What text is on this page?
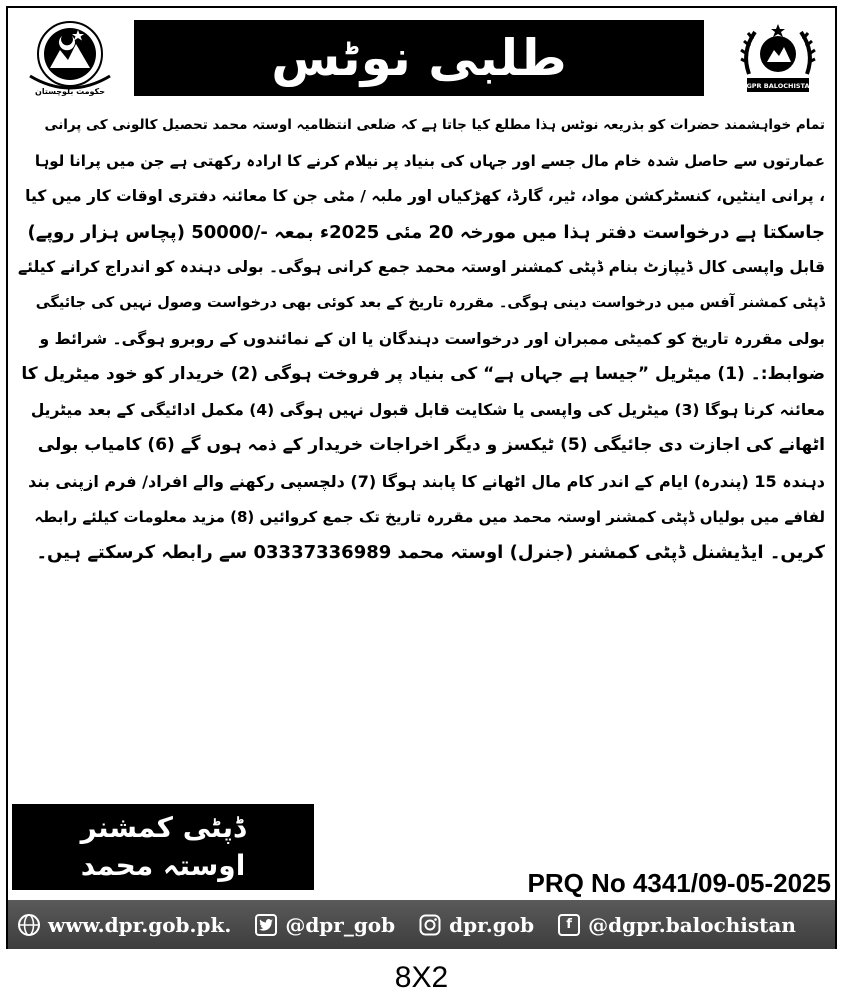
حکومت بلوچستان
طلبی نوٹس	DGPR BALOCHISTAN
تمام خواہشمند حضرات کو بذریعہ نوٹس ہذا مطلع کیا جاتا ہے کہ ضلعی انتظامیہ اوستہ محمد تحصیل کالونی کی پرانی
عمارتوں سے حاصل شدہ خام مال جسے اور جہاں کی بنیاد پر نیلام کرنے کا ارادہ رکھتی ہے جن میں پرانا لوہا
، پرانی اینٹیں، کنسٹرکشن مواد، ٹیر، گارڈ، کھڑکیاں اور ملبہ / مٹی جن کا معائنہ دفتری اوقات کار میں کیا
جاسکتا ہے درخواست دفتر ہذا میں مورخہ 20 مئی 2025ء بمعہ -/50000 (پچاس ہزار روپے)
قابل واپسی کال ڈیپازٹ بنام ڈپٹی کمشنر اوستہ محمد جمع کرانی ہوگی۔ بولی دہندہ کو اندراج کرانے کیلئے
ڈپٹی کمشنر آفس میں درخواست دینی ہوگی۔ مقررہ تاریخ کے بعد کوئی بھی درخواست وصول نہیں کی جائیگی
بولی مقررہ تاریخ کو کمیٹی ممبران اور درخواست دہندگان یا ان کے نمائندوں کے روبرو ہوگی۔ شرائط و
ضوابط:۔ (1) میٹریل ”جیسا ہے جہاں ہے“ کی بنیاد پر فروخت ہوگی (2) خریدار کو خود میٹریل کا
معائنہ کرنا ہوگا (3) میٹریل کی واپسی یا شکایت قابل قبول نہیں ہوگی (4) مکمل ادائیگی کے بعد میٹریل
اٹھانے کی اجازت دی جائیگی (5) ٹیکسز و دیگر اخراجات خریدار کے ذمہ ہوں گے (6) کامیاب بولی
دہندہ 15 (پندرہ) ایام کے اندر کام مال اٹھانے کا پابند ہوگا (7) دلچسپی رکھنے والے افراد/ فرم ازپنی بند
لفافے میں بولیاں ڈپٹی کمشنر اوستہ محمد میں مقررہ تاریخ تک جمع کروائیں (8) مزید معلومات کیلئے رابطہ
کریں۔ ایڈیشنل ڈپٹی کمشنر (جنرل) اوستہ محمد 03337336989 سے رابطہ کرسکتے ہیں۔
ڈپٹی کمشنر
اوستہ محمد
PRQ No 4341/09-05-2025
www.dpr.gob.pk.	@dpr_gob	dpr.gob	f @dgpr.balochistan
8X2
